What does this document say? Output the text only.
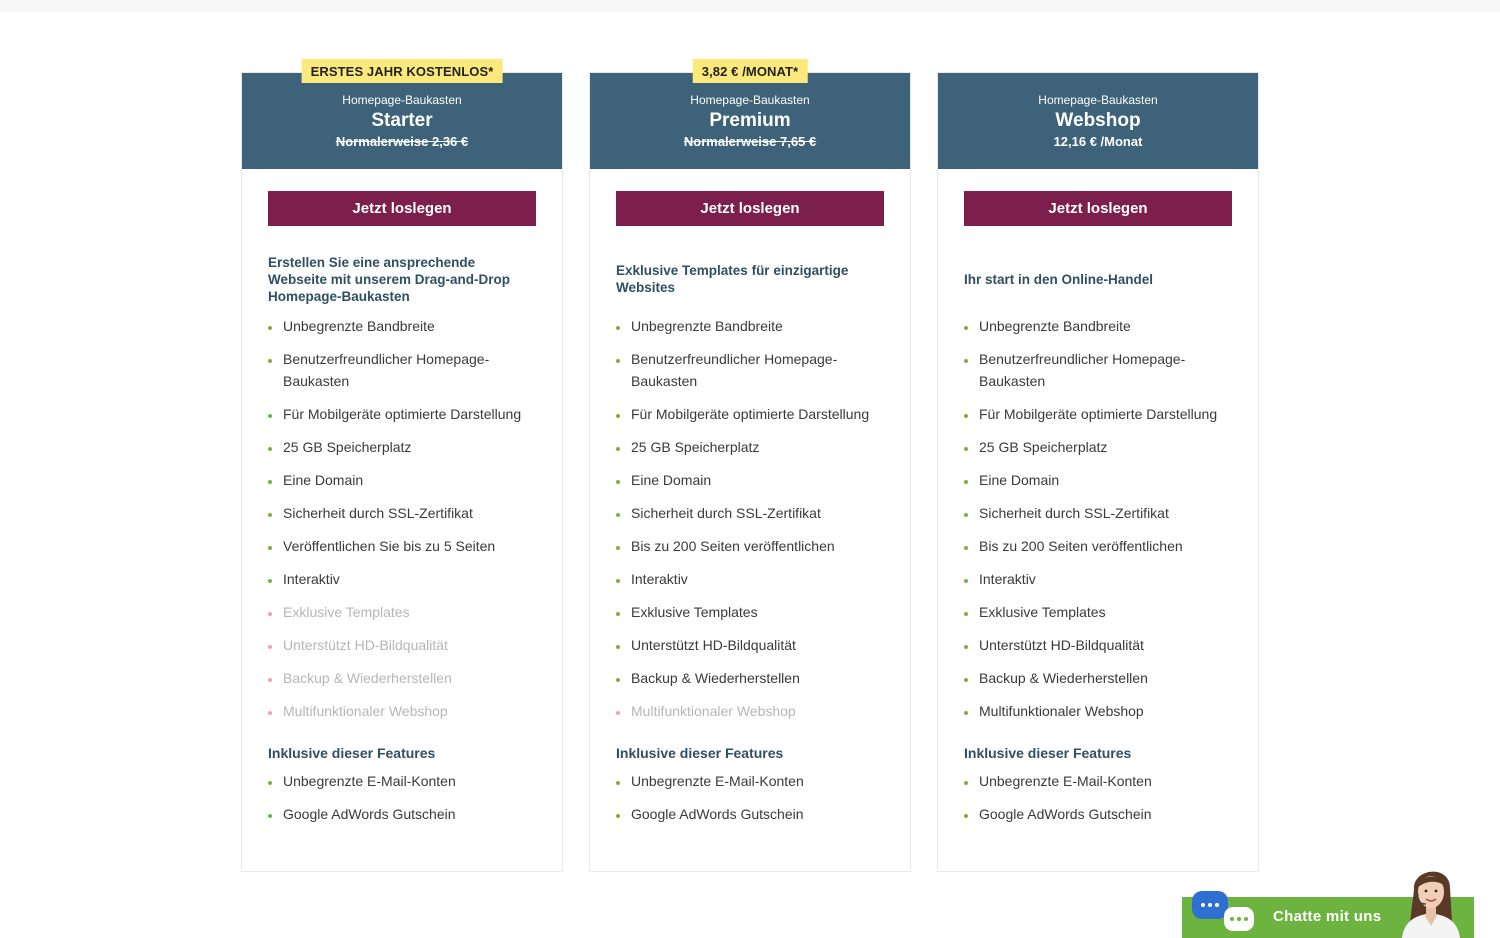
ERSTES JAHR KOSTENLOS*
Homepage-Baukasten
Starter
Normalerweise 2,36 €
Jetzt loslegen
Erstellen Sie eine ansprechende Webseite mit unserem Drag-and-Drop Homepage-Baukasten
Unbegrenzte Bandbreite
Benutzerfreundlicher Homepage-Baukasten
Für Mobilgeräte optimierte Darstellung
25 GB Speicherplatz
Eine Domain
Sicherheit durch SSL-Zertifikat
Veröffentlichen Sie bis zu 5 Seiten
Interaktiv
Exklusive Templates
Unterstützt HD-Bildqualität
Backup & Wiederherstellen
Multifunktionaler Webshop
Inklusive dieser Features
Unbegrenzte E-Mail-Konten
Google AdWords Gutschein
3,82 € /MONAT*
Homepage-Baukasten
Premium
Normalerweise 7,65 €
Jetzt loslegen
Exklusive Templates für einzigartige Websites
Unbegrenzte Bandbreite
Benutzerfreundlicher Homepage-Baukasten
Für Mobilgeräte optimierte Darstellung
25 GB Speicherplatz
Eine Domain
Sicherheit durch SSL-Zertifikat
Bis zu 200 Seiten veröffentlichen
Interaktiv
Exklusive Templates
Unterstützt HD-Bildqualität
Backup & Wiederherstellen
Multifunktionaler Webshop
Inklusive dieser Features
Unbegrenzte E-Mail-Konten
Google AdWords Gutschein
Homepage-Baukasten
Webshop
12,16 € /Monat
Jetzt loslegen
Ihr start in den Online-Handel
Unbegrenzte Bandbreite
Benutzerfreundlicher Homepage-Baukasten
Für Mobilgeräte optimierte Darstellung
25 GB Speicherplatz
Eine Domain
Sicherheit durch SSL-Zertifikat
Bis zu 200 Seiten veröffentlichen
Interaktiv
Exklusive Templates
Unterstützt HD-Bildqualität
Backup & Wiederherstellen
Multifunktionaler Webshop
Inklusive dieser Features
Unbegrenzte E-Mail-Konten
Google AdWords Gutschein
Chatte mit uns
